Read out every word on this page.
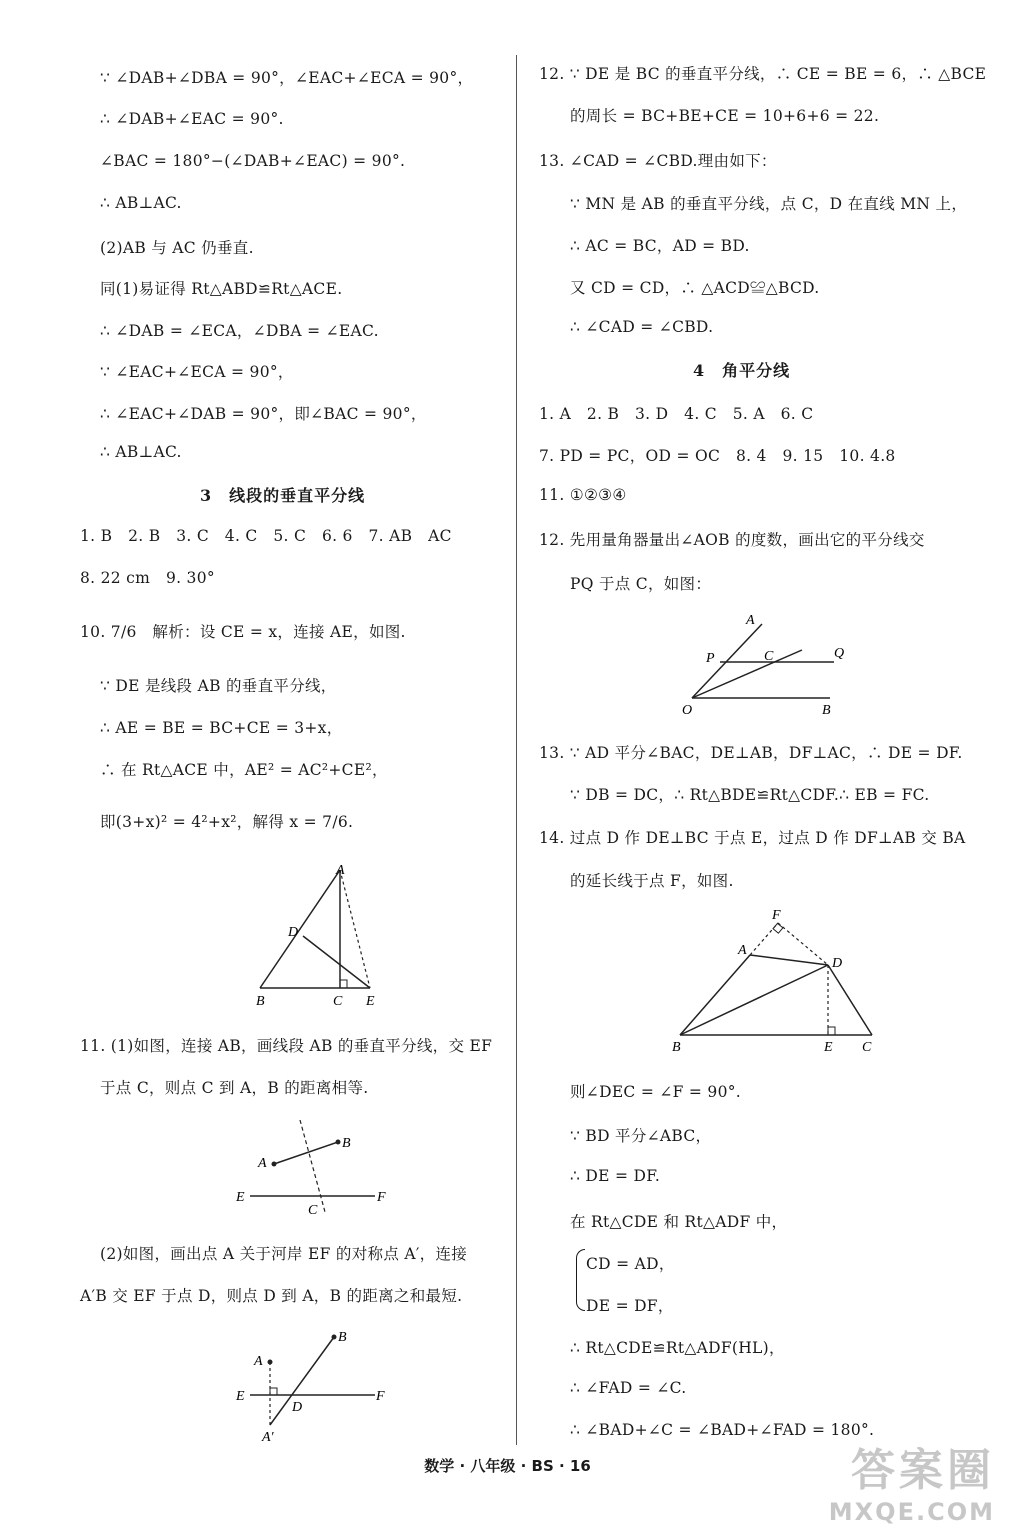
∵ ∠DAB+∠DBA = 90°，∠EAC+∠ECA = 90°，
∴ ∠DAB+∠EAC = 90°.
∠BAC = 180°−(∠DAB+∠EAC) = 90°.
∴ AB⊥AC.
(2)AB 与 AC 仍垂直.
同(1)易证得 Rt△ABD≌Rt△ACE.
∴ ∠DAB = ∠ECA，∠DBA = ∠EAC.
∵ ∠EAC+∠ECA = 90°，
∴ ∠EAC+∠DAB = 90°，即∠BAC = 90°，
∴ AB⊥AC.
3　线段的垂直平分线
1. B　2. B　3. C　4. C　5. C　6. 6　7. AB　AC
8. 22 cm　9. 30°
10. 7/6　解析：设 CE = x，连接 AE，如图.
∵ DE 是线段 AB 的垂直平分线，
∴ AE = BE = BC+CE = 3+x，
∴ 在 Rt△ACE 中，AE² = AC²+CE²，
即(3+x)² = 4²+x²，解得 x = 7/6.
A
D
B	C E
11. (1)如图，连接 AB，画线段 AB 的垂直平分线，交 EF
于点 C，则点 C 到 A，B 的距离相等.
B
A
E	F
C
(2)如图，画出点 A 关于河岸 EF 的对称点 A′，连接
A′B 交 EF 于点 D，则点 D 到 A，B 的距离之和最短.
B
A
E
D
F
A′
12. ∵ DE 是 BC 的垂直平分线，∴ CE = BE = 6，∴ △BCE
的周长 = BC+BE+CE = 10+6+6 = 22.
13. ∠CAD = ∠CBD.理由如下：
∵ MN 是 AB 的垂直平分线，点 C，D 在直线 MN 上，
∴ AC = BC，AD = BD.
又 CD = CD，∴ △ACD≌△BCD.
∴ ∠CAD = ∠CBD.
4　角平分线
1. A　2. B　3. D　4. C　5. A　6. C
7. PD = PC，OD = OC　8. 4　9. 15　10. 4.8
11. ①②③④
12. 先用量角器量出∠AOB 的度数，画出它的平分线交
PQ 于点 C，如图：
A
P	C	Q
O	B
13. ∵ AD 平分∠BAC，DE⊥AB，DF⊥AC，∴ DE = DF.
∵ DB = DC，∴ Rt△BDE≌Rt△CDF.∴ EB = FC.
14. 过点 D 作 DE⊥BC 于点 E，过点 D 作 DF⊥AB 交 BA
的延长线于点 F，如图.
F
A
D
B	E C
则∠DEC = ∠F = 90°.
∵ BD 平分∠ABC，
∴ DE = DF.
在 Rt△CDE 和 Rt△ADF 中，
CD = AD，
DE = DF，
∴ Rt△CDE≌Rt△ADF(HL)，
∴ ∠FAD = ∠C.
∴ ∠BAD+∠C = ∠BAD+∠FAD = 180°.
数学 · 八年级 · BS · 16	答案圈
MXQE.COM
